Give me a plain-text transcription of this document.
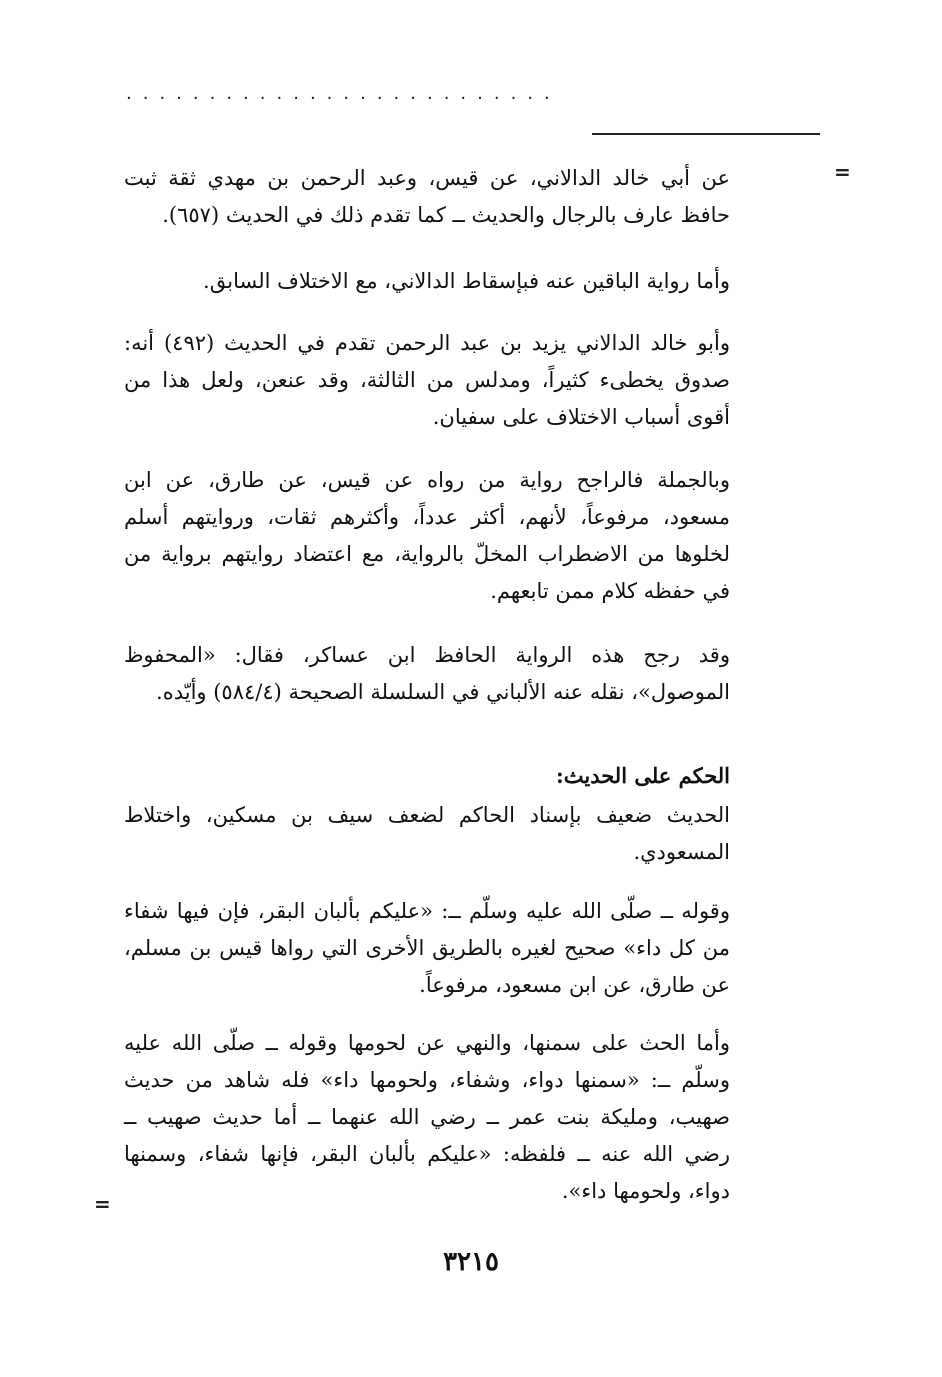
..........................
=

عن أبي خالد الدالاني، عن قيس، وعبد الرحمن بن مهدي ثقة ثبت حافظ عارف بالرجال والحديث ــ كما تقدم ذلك في الحديث (٦٥٧).

وأما رواية الباقين عنه فبإسقاط الدالاني، مع الاختلاف السابق.

وأبو خالد الدالاني يزيد بن عبد الرحمن تقدم في الحديث (٤٩٢) أنه: صدوق يخطىء كثيراً، ومدلس من الثالثة، وقد عنعن، ولعل هذا من أقوى أسباب الاختلاف على سفيان.

وبالجملة فالراجح رواية من رواه عن قيس، عن طارق، عن ابن مسعود، مرفوعاً، لأنهم، أكثر عدداً، وأكثرهم ثقات، وروايتهم أسلم لخلوها من الاضطراب المخلّ بالرواية، مع اعتضاد روايتهم برواية من في حفظه كلام ممن تابعهم.

وقد رجح هذه الرواية الحافظ ابن عساكر، فقال: «المحفوظ الموصول»، نقله عنه الألباني في السلسلة الصحيحة (٥٨٤/٤) وأيّده.

الحكم على الحديث:

الحديث ضعيف بإسناد الحاكم لضعف سيف بن مسكين، واختلاط المسعودي.

وقوله ــ صلّى الله عليه وسلّم ــ: «عليكم بألبان البقر، فإن فيها شفاء من كل داء» صحيح لغيره بالطريق الأخرى التي رواها قيس بن مسلم، عن طارق، عن ابن مسعود، مرفوعاً.

وأما الحث على سمنها، والنهي عن لحومها وقوله ــ صلّى الله عليه وسلّم ــ: «سمنها دواء، وشفاء، ولحومها داء» فله شاهد من حديث صهيب، ومليكة بنت عمر ــ رضي الله عنهما ــ أما حديث صهيب ــ رضي الله عنه ــ فلفظه: «عليكم بألبان البقر، فإنها شفاء، وسمنها دواء، ولحومها داء».

=
٣٢١٥
